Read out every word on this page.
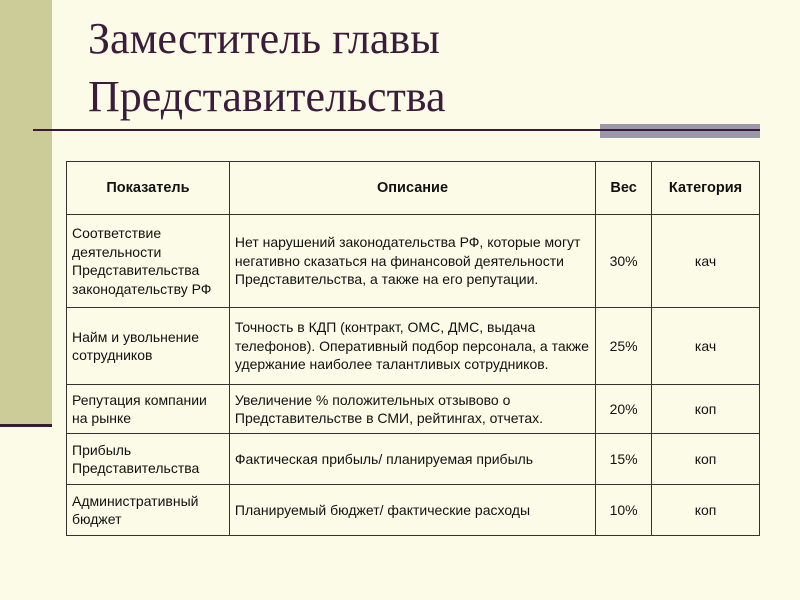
Заместитель главы
Представительства
Показатель	Описание	Вес	Категория
Соответствие деятельности Представительства законодательству РФ	Нет нарушений законодательства РФ, которые могут негативно сказаться на финансовой деятельности Представительства, а также на его репутации.	30%	кач
Найм и увольнение сотрудников	Точность в КДП (контракт, ОМС, ДМС, выдача телефонов). Оперативный подбор персонала, а также удержание наиболее талантливых сотрудников.	25%	кач
Репутация компании на рынке	Увеличение % положительных отзывово о Представительстве в СМИ, рейтингах, отчетах.	20%	коп
Прибыль Представительства	Фактическая прибыль/ планируемая прибыль	15%	коп
Административный бюджет	Планируемый бюджет/ фактические расходы	10%	коп
